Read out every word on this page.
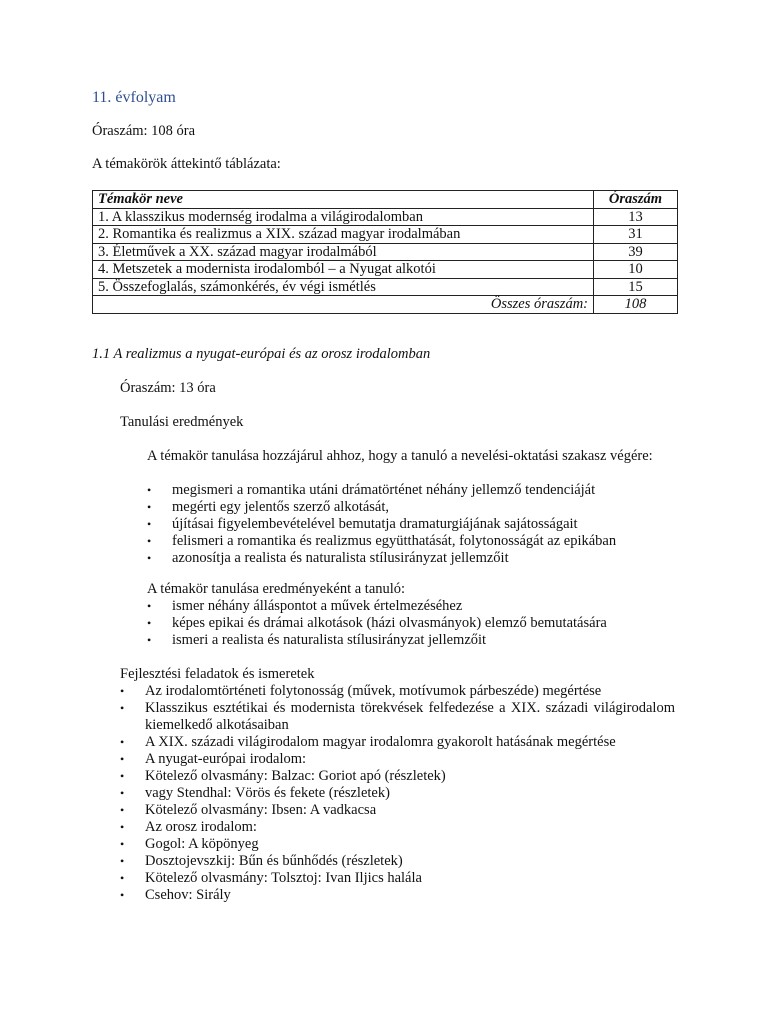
11. évfolyam
Óraszám: 108 óra
A témakörök áttekintő táblázata:
Témakör neve	Óraszám
1. A klasszikus modernség irodalma a világirodalomban	13
2. Romantika és realizmus a XIX. század magyar irodalmában	31
3. Életművek a XX. század magyar irodalmából	39
4. Metszetek a modernista irodalomból – a Nyugat alkotói	10
5. Összefoglalás, számonkérés, év végi ismétlés	15
Összes óraszám:	108
1.1 A realizmus a nyugat-európai és az orosz irodalomban
Óraszám: 13 óra
Tanulási eredmények
A témakör tanulása hozzájárul ahhoz, hogy a tanuló a nevelési-oktatási szakasz végére:
• megismeri a romantika utáni drámatörténet néhány jellemző tendenciáját
• megérti egy jelentős szerző alkotását,
• újításai figyelembevételével bemutatja dramaturgiájának sajátosságait
• felismeri a romantika és realizmus együtthatását, folytonosságát az epikában
• azonosítja a realista és naturalista stílusirányzat jellemzőit
A témakör tanulása eredményeként a tanuló:
• ismer néhány álláspontot a művek értelmezéséhez
• képes epikai és drámai alkotások (házi olvasmányok) elemző bemutatására
• ismeri a realista és naturalista stílusirányzat jellemzőit
Fejlesztési feladatok és ismeretek
• Az irodalomtörténeti folytonosság (művek, motívumok párbeszéde) megértése
• Klasszikus esztétikai és modernista törekvések felfedezése a XIX. századi világirodalom kiemelkedő alkotásaiban
• A XIX. századi világirodalom magyar irodalomra gyakorolt hatásának megértése
• A nyugat-európai irodalom:
• Kötelező olvasmány: Balzac: Goriot apó (részletek)
• vagy Stendhal: Vörös és fekete (részletek)
• Kötelező olvasmány: Ibsen: A vadkacsa
• Az orosz irodalom:
• Gogol: A köpönyeg
• Dosztojevszkij: Bűn és bűnhődés (részletek)
• Kötelező olvasmány: Tolsztoj: Ivan Iljics halála
• Csehov: Sirály
